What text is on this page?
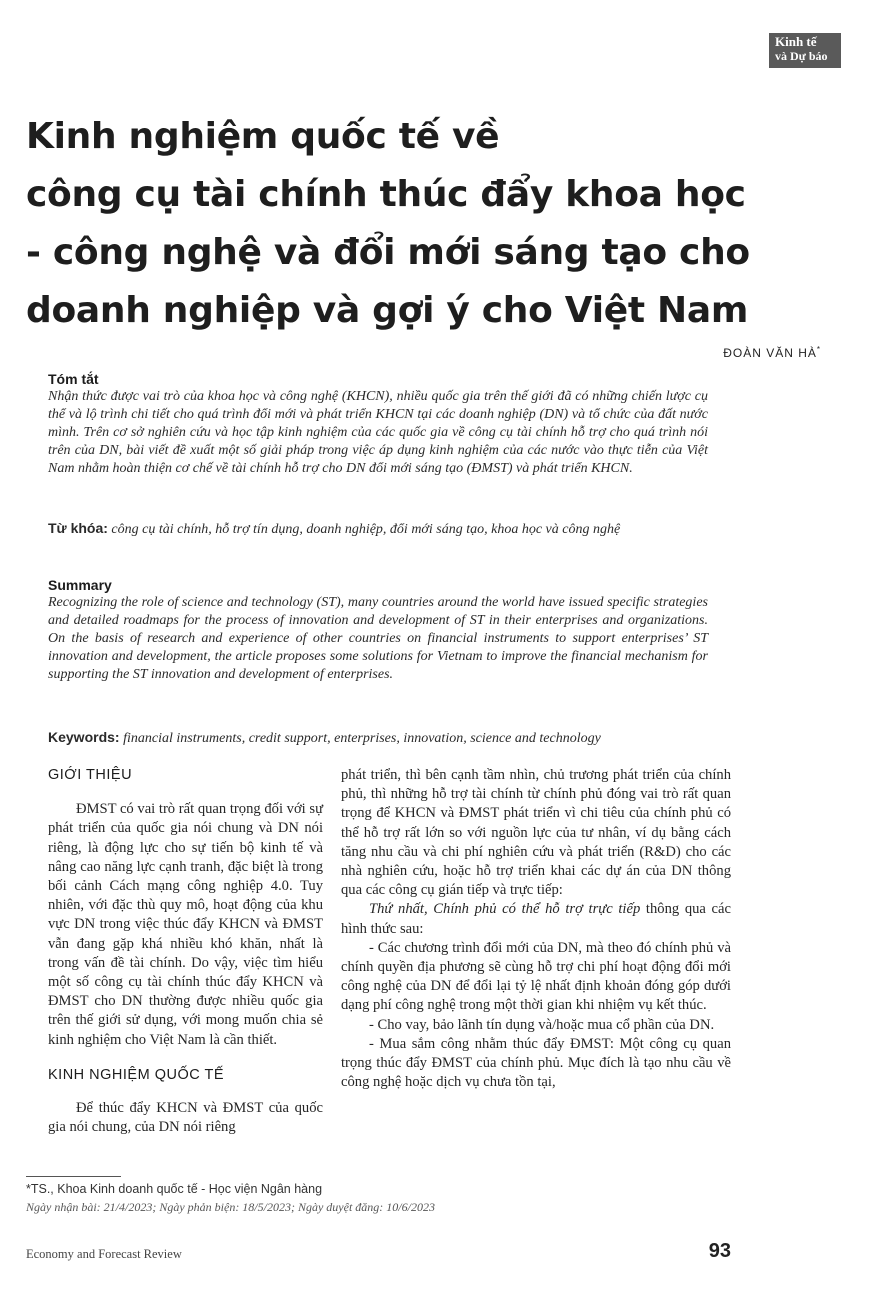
Kinh tế
và Dự báo
Kinh nghiệm quốc tế về
công cụ tài chính thúc đẩy khoa học
- công nghệ và đổi mới sáng tạo cho
doanh nghiệp và gợi ý cho Việt Nam
ĐOÀN VĂN HÀ*
Tóm tắt
Nhận thức được vai trò của khoa học và công nghệ (KHCN), nhiều quốc gia trên thế giới đã có những chiến lược cụ thể và lộ trình chi tiết cho quá trình đổi mới và phát triển KHCN tại các doanh nghiệp (DN) và tổ chức của đất nước mình. Trên cơ sở nghiên cứu và học tập kinh nghiệm của các quốc gia về công cụ tài chính hỗ trợ cho quá trình nói trên của DN, bài viết đề xuất một số giải pháp trong việc áp dụng kinh nghiệm của các nước vào thực tiễn của Việt Nam nhằm hoàn thiện cơ chế về tài chính hỗ trợ cho DN đổi mới sáng tạo (ĐMST) và phát triển KHCN.
Từ khóa: công cụ tài chính, hỗ trợ tín dụng, doanh nghiệp, đổi mới sáng tạo, khoa học và công nghệ
Summary
Recognizing the role of science and technology (ST), many countries around the world have issued specific strategies and detailed roadmaps for the process of innovation and development of ST in their enterprises and organizations. On the basis of research and experience of other countries on financial instruments to support enterprises’ ST innovation and development, the article proposes some solutions for Vietnam to improve the financial mechanism for supporting the ST innovation and development of enterprises.
Keywords: financial instruments, credit support, enterprises, innovation, science and technology
GIỚI THIỆU

ĐMST có vai trò rất quan trọng đối với sự phát triển của quốc gia nói chung và DN nói riêng, là động lực cho sự tiến bộ kinh tế và nâng cao năng lực cạnh tranh, đặc biệt là trong bối cảnh Cách mạng công nghiệp 4.0. Tuy nhiên, với đặc thù quy mô, hoạt động của khu vực DN trong việc thúc đẩy KHCN và ĐMST vẫn đang gặp khá nhiều khó khăn, nhất là trong vấn đề tài chính. Do vậy, việc tìm hiểu một số công cụ tài chính thúc đẩy KHCN và ĐMST cho DN thường được nhiều quốc gia trên thế giới sử dụng, với mong muốn chia sẻ kinh nghiệm cho Việt Nam là cần thiết.

KINH NGHIỆM QUỐC TẾ

Để thúc đẩy KHCN và ĐMST của quốc gia nói chung, của DN nói riêng

phát triển, thì bên cạnh tầm nhìn, chủ trương phát triển của chính phủ, thì những hỗ trợ tài chính từ chính phủ đóng vai trò rất quan trọng để KHCN và ĐMST phát triển vì chi tiêu của chính phủ có thể hỗ trợ rất lớn so với nguồn lực của tư nhân, ví dụ bằng cách tăng nhu cầu và chi phí nghiên cứu và phát triển (R&D) cho các nhà nghiên cứu, hoặc hỗ trợ triển khai các dự án của DN thông qua các công cụ gián tiếp và trực tiếp:

Thứ nhất, Chính phủ có thể hỗ trợ trực tiếp thông qua các hình thức sau:

- Các chương trình đổi mới của DN, mà theo đó chính phủ và chính quyền địa phương sẽ cùng hỗ trợ chi phí hoạt động đổi mới công nghệ của DN để đổi lại tỷ lệ nhất định khoản đóng góp dưới dạng phí công nghệ trong một thời gian khi nhiệm vụ kết thúc.

- Cho vay, bảo lãnh tín dụng và/hoặc mua cổ phần của DN.

- Mua sắm công nhằm thúc đẩy ĐMST: Một công cụ quan trọng thúc đẩy ĐMST của chính phủ. Mục đích là tạo nhu cầu về công nghệ hoặc dịch vụ chưa tồn tại,

*TS., Khoa Kinh doanh quốc tế - Học viện Ngân hàng
Ngày nhận bài: 21/4/2023; Ngày phản biện: 18/5/2023; Ngày duyệt đăng: 10/6/2023
Economy and Forecast Review	93
